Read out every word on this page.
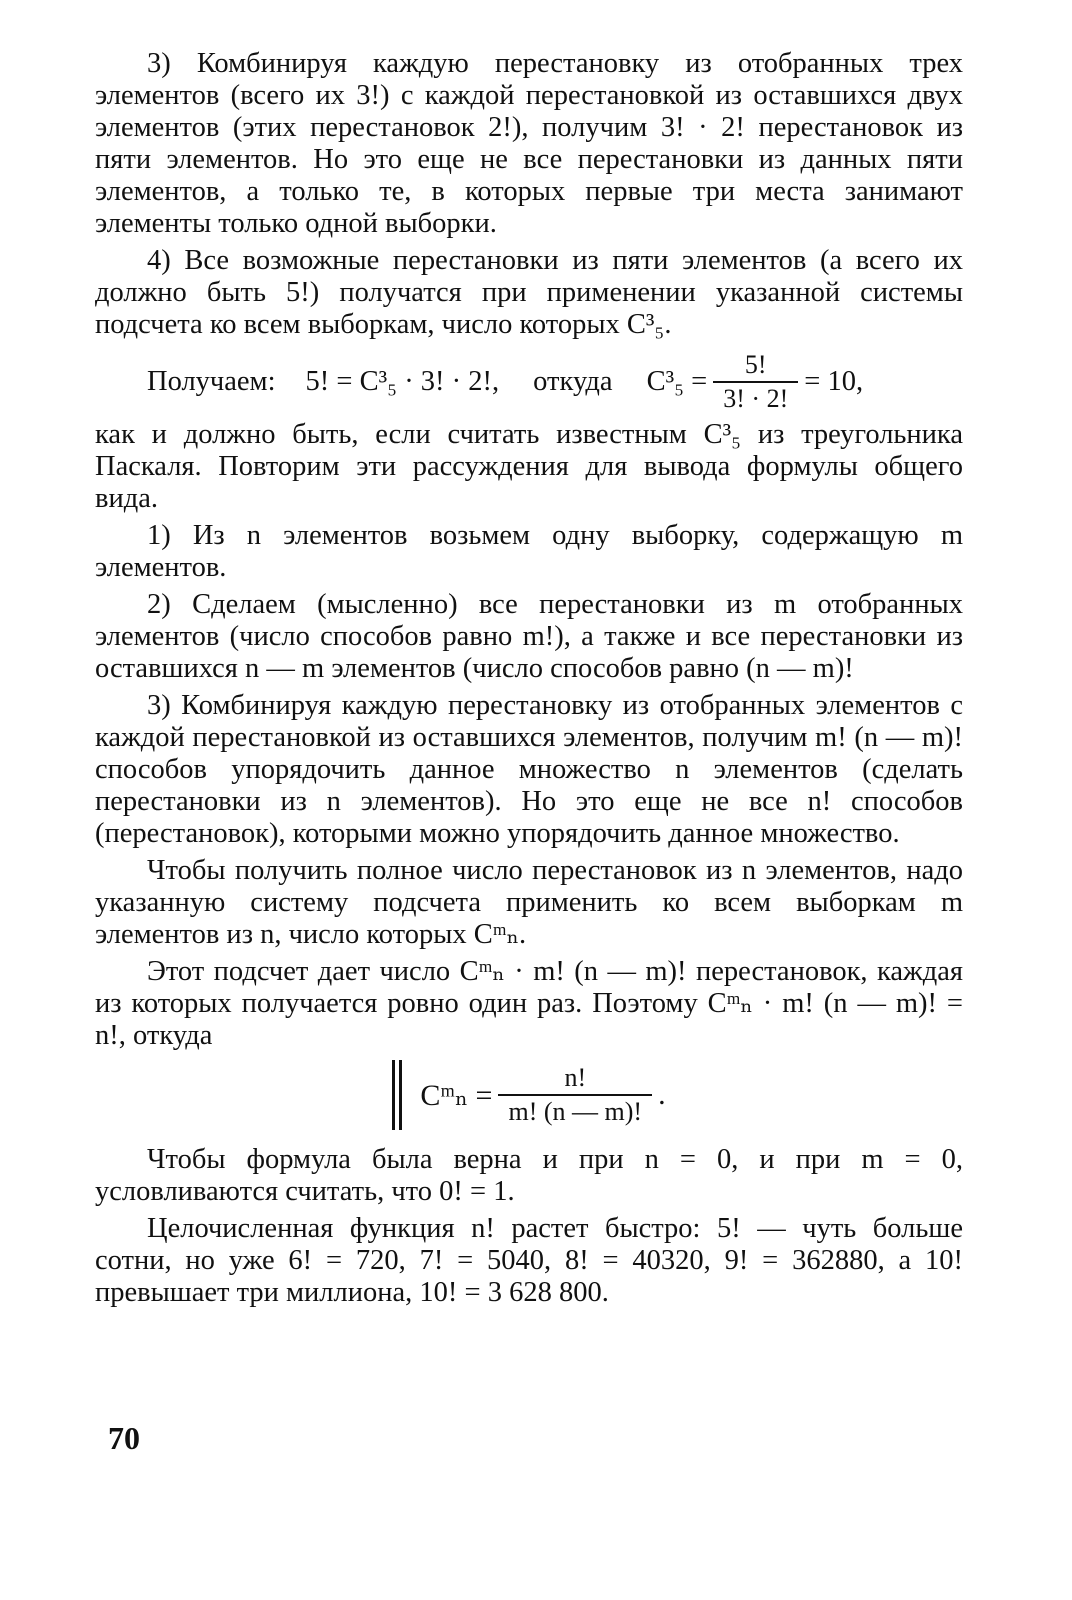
3) Комбинируя каждую перестановку из отобранных трех элементов (всего их 3!) с каждой перестановкой из оставшихся двух элементов (этих перестановок 2!), получим 3! · 2! перестановок из пяти элементов. Но это еще не все перестановки из данных пяти элементов, а только те, в которых первые три места занимают элементы только одной выборки.

4) Все возможные перестановки из пяти элементов (а всего их должно быть 5!) получатся при применении указанной системы подсчета ко всем выборкам, число которых C³₅.

Получаем: 5! = C³₅ · 3! · 2!, откуда $C^3_5 = \frac{5!}{3! \cdot 2!} = 10$,

как и должно быть, если считать известным C³₅ из треугольника Паскаля. Повторим эти рассуждения для вывода формулы общего вида.

1) Из n элементов возьмем одну выборку, содержащую m элементов.

2) Сделаем (мысленно) все перестановки из m отобранных элементов (число способов равно m!), а также и все перестановки из оставшихся n — m элементов (число способов равно (n — m)!

3) Комбинируя каждую перестановку из отобранных элементов с каждой перестановкой из оставшихся элементов, получим m! (n — m)! способов упорядочить данное множество n элементов (сделать перестановки из n элементов). Но это еще не все n! способов (перестановок), которыми можно упорядочить данное множество.

Чтобы получить полное число перестановок из n элементов, надо указанную систему подсчета применить ко всем выборкам m элементов из n, число которых Cᵐₙ.

Этот подсчет дает число Cᵐₙ · m! (n — m)! перестановок, каждая из которых получается ровно один раз. Поэтому Cᵐₙ · m! (n — m)! = n!, откуда

Cᵐₙ = $\frac{n!}{m! (n — m)!}$ .

Чтобы формула была верна и при n = 0, и при m = 0, условливаются считать, что 0! = 1.

Целочисленная функция n! растет быстро: 5! — чуть больше сотни, но уже 6! = 720, 7! = 5040, 8! = 40320, 9! = 362880, а 10! превышает три миллиона, 10! = 3 628 800.

70
